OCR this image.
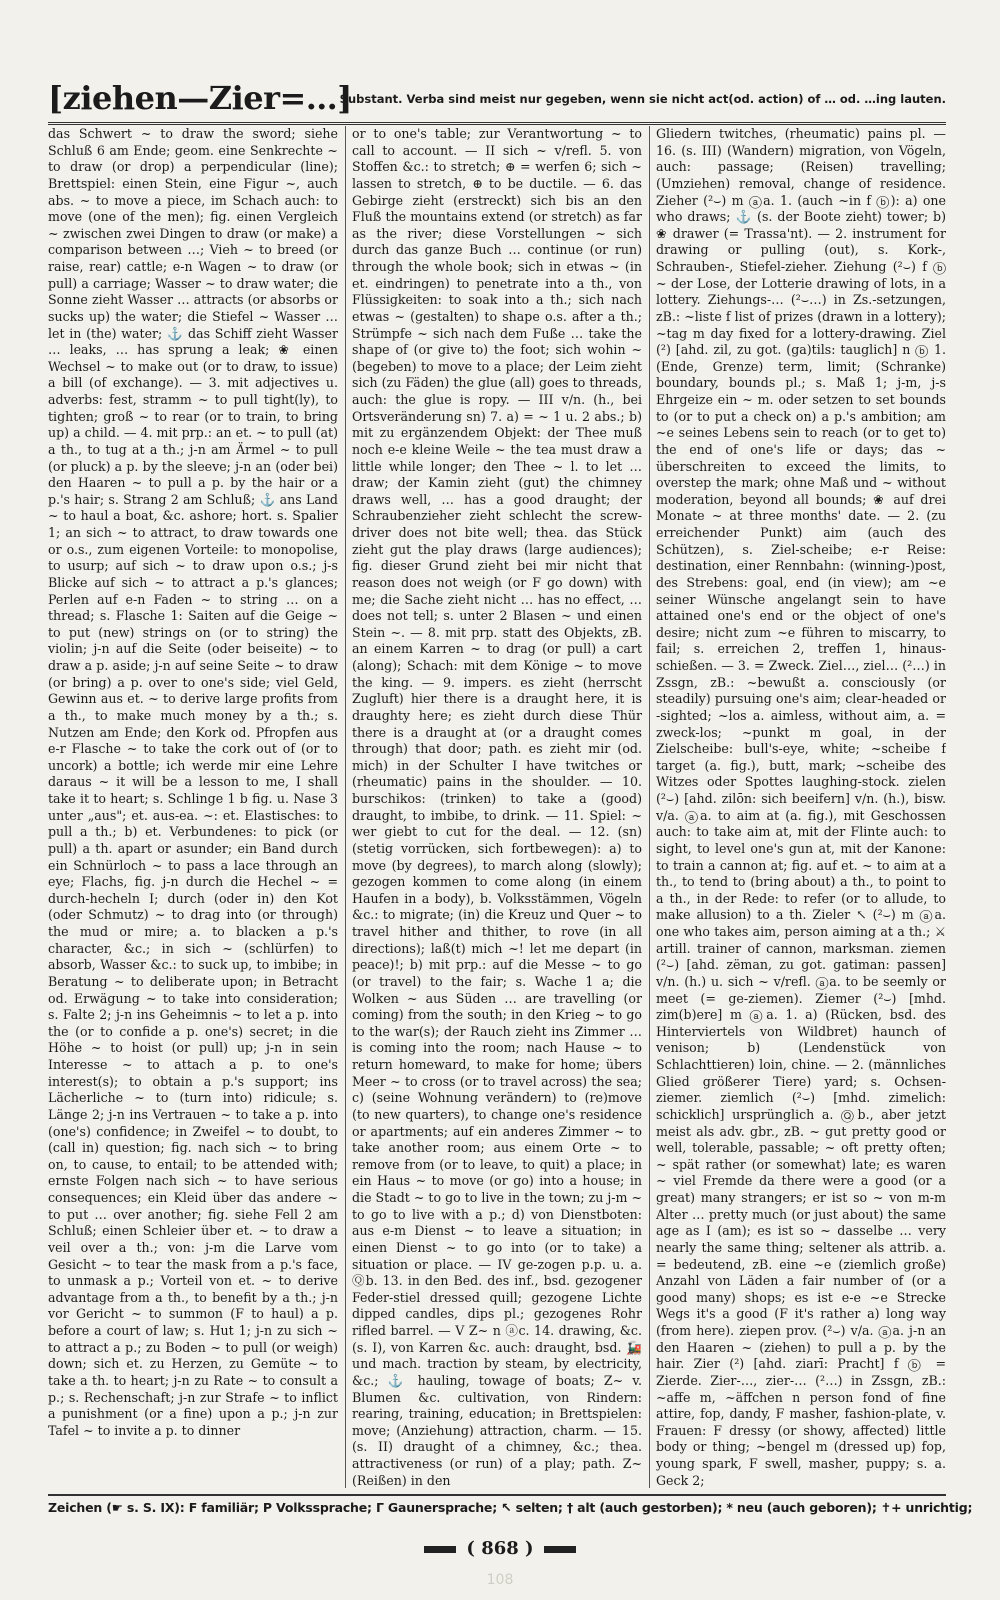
[ziehen—Zier=…]
Substant. Verba sind meist nur gegeben, wenn sie nicht act(od. action) of … od. …ing lauten.

das Schwert ~ to draw the sword; siehe Schluß 6 am Ende; geom. eine Senkrechte ~ to draw (or drop) a perpendicular (line); Brettspiel: einen Stein, eine Figur ~, auch abs. ~ to move a piece, im Schach auch: to move (one of the men); fig. einen Vergleich ~ zwischen zwei Dingen to draw (or make) a comparison between …; Vieh ~ to breed (or raise, rear) cattle; e-n Wagen ~ to draw (or pull) a carriage; Wasser ~ to draw water; die Sonne zieht Wasser … attracts (or absorbs or sucks up) the water; die Stiefel ~ Wasser … let in (the) water; ⚓ das Schiff zieht Wasser … leaks, … has sprung a leak; ❀ einen Wechsel ~ to make out (or to draw, to issue) a bill (of exchange). — 3. mit adjectives u. adverbs: fest, stramm ~ to pull tight(ly), to tighten; groß ~ to rear (or to train, to bring up) a child. — 4. mit prp.: an et. ~ to pull (at) a th., to tug at a th.; j-n am Ärmel ~ to pull (or pluck) a p. by the sleeve; j-n an (oder bei) den Haaren ~ to pull a p. by the hair or a p.'s hair; s. Strang 2 am Schluß; ⚓ ans Land ~ to haul a boat, &c. ashore; hort. s. Spalier 1; an sich ~ to attract, to draw towards one or o.s., zum eigenen Vorteile: to monopolise, to usurp; auf sich ~ to draw upon o.s.; j-s Blicke auf sich ~ to attract a p.'s glances; Perlen auf e-n Faden ~ to string … on a thread; s. Flasche 1: Saiten auf die Geige ~ to put (new) strings on (or to string) the violin; j-n auf die Seite (oder beiseite) ~ to draw a p. aside; j-n auf seine Seite ~ to draw (or bring) a p. over to one's side; viel Geld, Gewinn aus et. ~ to derive large profits from a th., to make much money by a th.; s. Nutzen am Ende; den Kork od. Pfropfen aus e-r Flasche ~ to take the cork out of (or to uncork) a bottle; ich werde mir eine Lehre daraus ~ it will be a lesson to me, I shall take it to heart; s. Schlinge 1 b fig. u. Nase 3 unter „aus"; et. aus-ea. ~: et. Elastisches: to pull a th.; b) et. Verbundenes: to pick (or pull) a th. apart or asunder; ein Band durch ein Schnürloch ~ to pass a lace through an eye; Flachs, fig. j-n durch die Hechel ~ = durch-hecheln I; durch (oder in) den Kot (oder Schmutz) ~ to drag into (or through) the mud or mire; a. to blacken a p.'s character, &c.; in sich ~ (schlürfen) to absorb, Wasser &c.: to suck up, to imbibe; in Beratung ~ to deliberate upon; in Betracht od. Erwägung ~ to take into consideration; s. Falte 2; j-n ins Geheimnis ~ to let a p. into the (or to confide a p. one's) secret; in die Höhe ~ to hoist (or pull) up; j-n in sein Interesse ~ to attach a p. to one's interest(s); to obtain a p.'s support; ins Lächerliche ~ to (turn into) ridicule; s. Länge 2; j-n ins Vertrauen ~ to take a p. into (one's) confidence; in Zweifel ~ to doubt, to (call in) question; fig. nach sich ~ to bring on, to cause, to entail; to be attended with; ernste Folgen nach sich ~ to have serious consequences; ein Kleid über das andere ~ to put … over another; fig. siehe Fell 2 am Schluß; einen Schleier über et. ~ to draw a veil over a th.; von: j-m die Larve vom Gesicht ~ to tear the mask from a p.'s face, to unmask a p.; Vorteil von et. ~ to derive advantage from a th., to benefit by a th.; j-n vor Gericht ~ to summon (F to haul) a p. before a court of law; s. Hut 1; j-n zu sich ~ to attract a p.; zu Boden ~ to pull (or weigh) down; sich et. zu Herzen, zu Gemüte ~ to take a th. to heart; j-n zu Rate ~ to consult a p.; s. Rechenschaft; j-n zur Strafe ~ to inflict a punishment (or a fine) upon a p.; j-n zur Tafel ~ to invite a p. to dinner

or to one's table; zur Verantwortung ~ to call to account. — II sich ~ v/refl. 5. von Stoffen &c.: to stretch; ⊕ = werfen 6; sich ~ lassen to stretch, ⊕ to be ductile. — 6. das Gebirge zieht (erstreckt) sich bis an den Fluß the mountains extend (or stretch) as far as the river; diese Vorstellungen ~ sich durch das ganze Buch … continue (or run) through the whole book; sich in etwas ~ (in et. eindringen) to penetrate into a th., von Flüssigkeiten: to soak into a th.; sich nach etwas ~ (gestalten) to shape o.s. after a th.; Strümpfe ~ sich nach dem Fuße … take the shape of (or give to) the foot; sich wohin ~ (begeben) to move to a place; der Leim zieht sich (zu Fäden) the glue (all) goes to threads, auch: the glue is ropy. — III v/n. (h., bei Ortsveränderung sn) 7. a) = ~ 1 u. 2 abs.; b) mit zu ergänzendem Objekt: der Thee muß noch e-e kleine Weile ~ the tea must draw a little while longer; den Thee ~ l. to let … draw; der Kamin zieht (gut) the chimney draws well, … has a good draught; der Schraubenzieher zieht schlecht the screw-driver does not bite well; thea. das Stück zieht gut the play draws (large audiences); fig. dieser Grund zieht bei mir nicht that reason does not weigh (or F go down) with me; die Sache zieht nicht … has no effect, … does not tell; s. unter 2 Blasen ~ und einen Stein ~. — 8. mit prp. statt des Objekts, zB. an einem Karren ~ to drag (or pull) a cart (along); Schach: mit dem Könige ~ to move the king. — 9. impers. es zieht (herrscht Zugluft) hier there is a draught here, it is draughty here; es zieht durch diese Thür there is a draught at (or a draught comes through) that door; path. es zieht mir (od. mich) in der Schulter I have twitches or (rheumatic) pains in the shoulder. — 10. burschikos: (trinken) to take a (good) draught, to imbibe, to drink. — 11. Spiel: ~ wer giebt to cut for the deal. — 12. (sn) (stetig vorrücken, sich fortbewegen): a) to move (by degrees), to march along (slowly); gezogen kommen to come along (in einem Haufen in a body), b. Volksstämmen, Vögeln &c.: to migrate; (in) die Kreuz und Quer ~ to travel hither and thither, to rove (in all directions); laß(t) mich ~! let me depart (in peace)!; b) mit prp.: auf die Messe ~ to go (or travel) to the fair; s. Wache 1 a; die Wolken ~ aus Süden … are travelling (or coming) from the south; in den Krieg ~ to go to the war(s); der Rauch zieht ins Zimmer … is coming into the room; nach Hause ~ to return homeward, to make for home; übers Meer ~ to cross (or to travel across) the sea; c) (seine Wohnung verändern) to (re)move (to new quarters), to change one's residence or apartments; auf ein anderes Zimmer ~ to take another room; aus einem Orte ~ to remove from (or to leave, to quit) a place; in ein Haus ~ to move (or go) into a house; in die Stadt ~ to go to live in the town; zu j-m ~ to go to live with a p.; d) von Dienstboten: aus e-m Dienst ~ to leave a situation; in einen Dienst ~ to go into (or to take) a situation or place. — IV ge-zogen p.p. u. a. Ⓠb. 13. in den Bed. des inf., bsd. gezogener Feder-stiel dressed quill; gezogene Lichte dipped candles, dips pl.; gezogenes Rohr rifled barrel. — V Z~ n ⓐc. 14. drawing, &c. (s. I), von Karren &c. auch: draught, bsd. 🚂 und mach. traction by steam, by electricity, &c.; ⚓ hauling, towage of boats; Z~ v. Blumen &c. cultivation, von Rindern: rearing, training, education; in Brettspielen: move; (Anziehung) attraction, charm. — 15. (s. II) draught of a chimney, &c.; thea. attractiveness (or run) of a play; path. Z~ (Reißen) in den

Gliedern twitches, (rheumatic) pains pl. — 16. (s. III) (Wandern) migration, von Vögeln, auch: passage; (Reisen) travelling; (Umziehen) removal, change of residence. Zieher (²⌣) m ⓐa. 1. (auch ~in f ⓑ): a) one who draws; ⚓ (s. der Boote zieht) tower; b) ❀ drawer (= Trassa'nt). — 2. instrument for drawing or pulling (out), s. Kork-, Schrauben-, Stiefel-zieher. Ziehung (²⌣) f ⓑ ~ der Lose, der Lotterie drawing of lots, in a lottery. Ziehungs-… (²⌣…) in Zs.-setzungen, zB.: ~liste f list of prizes (drawn in a lottery); ~tag m day fixed for a lottery-drawing. Ziel (²) [ahd. zil, zu got. (ga)tils: tauglich] n ⓑ 1. (Ende, Grenze) term, limit; (Schranke) boundary, bounds pl.; s. Maß 1; j-m, j-s Ehrgeize ein ~ m. oder setzen to set bounds to (or to put a check on) a p.'s ambition; am ~e seines Lebens sein to reach (or to get to) the end of one's life or days; das ~ überschreiten to exceed the limits, to overstep the mark; ohne Maß und ~ without moderation, beyond all bounds; ❀ auf drei Monate ~ at three months' date. — 2. (zu erreichender Punkt) aim (auch des Schützen), s. Ziel-scheibe; e-r Reise: destination, einer Rennbahn: (winning-)post, des Strebens: goal, end (in view); am ~e seiner Wünsche angelangt sein to have attained one's end or the object of one's desire; nicht zum ~e führen to miscarry, to fail; s. erreichen 2, treffen 1, hinaus-schießen. — 3. = Zweck. Ziel…, ziel… (²…) in Zssgn, zB.: ~bewußt a. consciously (or steadily) pursuing one's aim; clear-headed or -sighted; ~los a. aimless, without aim, a. = zweck-los; ~punkt m goal, in der Zielscheibe: bull's-eye, white; ~scheibe f target (a. fig.), butt, mark; ~scheibe des Witzes oder Spottes laughing-stock. zielen (²⌣) [ahd. zilōn: sich beeifern] v/n. (h.), bisw. v/a. ⓐa. to aim at (a. fig.), mit Geschossen auch: to take aim at, mit der Flinte auch: to sight, to level one's gun at, mit der Kanone: to train a cannon at; fig. auf et. ~ to aim at a th., to tend to (bring about) a th., to point to a th., in der Rede: to refer (or to allude, to make allusion) to a th. Zieler ↖ (²⌣) m ⓐa. one who takes aim, person aiming at a th.; ⚔ artill. trainer of cannon, marksman. ziemen (²⌣) [ahd. zëman, zu got. gatiman: passen] v/n. (h.) u. sich ~ v/refl. ⓐa. to be seemly or meet (= ge-ziemen). Ziemer (²⌣) [mhd. zim(b)ere] m ⓐa. 1. a) (Rücken, bsd. des Hinterviertels von Wildbret) haunch of venison; b) (Lendenstück von Schlachttieren) loin, chine. — 2. (männliches Glied größerer Tiere) yard; s. Ochsen-ziemer. ziemlich (²⌣) [mhd. zimelich: schicklich] ursprünglich a. Ⓠb., aber jetzt meist als adv. gbr., zB. ~ gut pretty good or well, tolerable, passable; ~ oft pretty often; ~ spät rather (or somewhat) late; es waren ~ viel Fremde da there were a good (or a great) many strangers; er ist so ~ von m-m Alter … pretty much (or just about) the same age as I (am); es ist so ~ dasselbe … very nearly the same thing; seltener als attrib. a. = bedeutend, zB. eine ~e (ziemlich große) Anzahl von Läden a fair number of (or a good many) shops; es ist e-e ~e Strecke Wegs it's a good (F it's rather a) long way (from here). ziepen prov. (²⌣) v/a. ⓐa. j-n an den Haaren ~ (ziehen) to pull a p. by the hair. Zier (²) [ahd. ziarī: Pracht] f ⓑ = Zierde. Zier-…, zier-… (²…) in Zssgn, zB.: ~affe m, ~äffchen n person fond of fine attire, fop, dandy, F masher, fashion-plate, v. Frauen: F dressy (or showy, affected) little body or thing; ~bengel m (dressed up) fop, young spark, F swell, masher, puppy; s. a. Geck 2;

Zeichen (☛ s. S. IX): F familiär; P Volkssprache; Γ Gaunersprache; ↖ selten; † alt (auch gestorben); * neu (auch geboren); ✝+ unrichtig;
( 868 )
108
